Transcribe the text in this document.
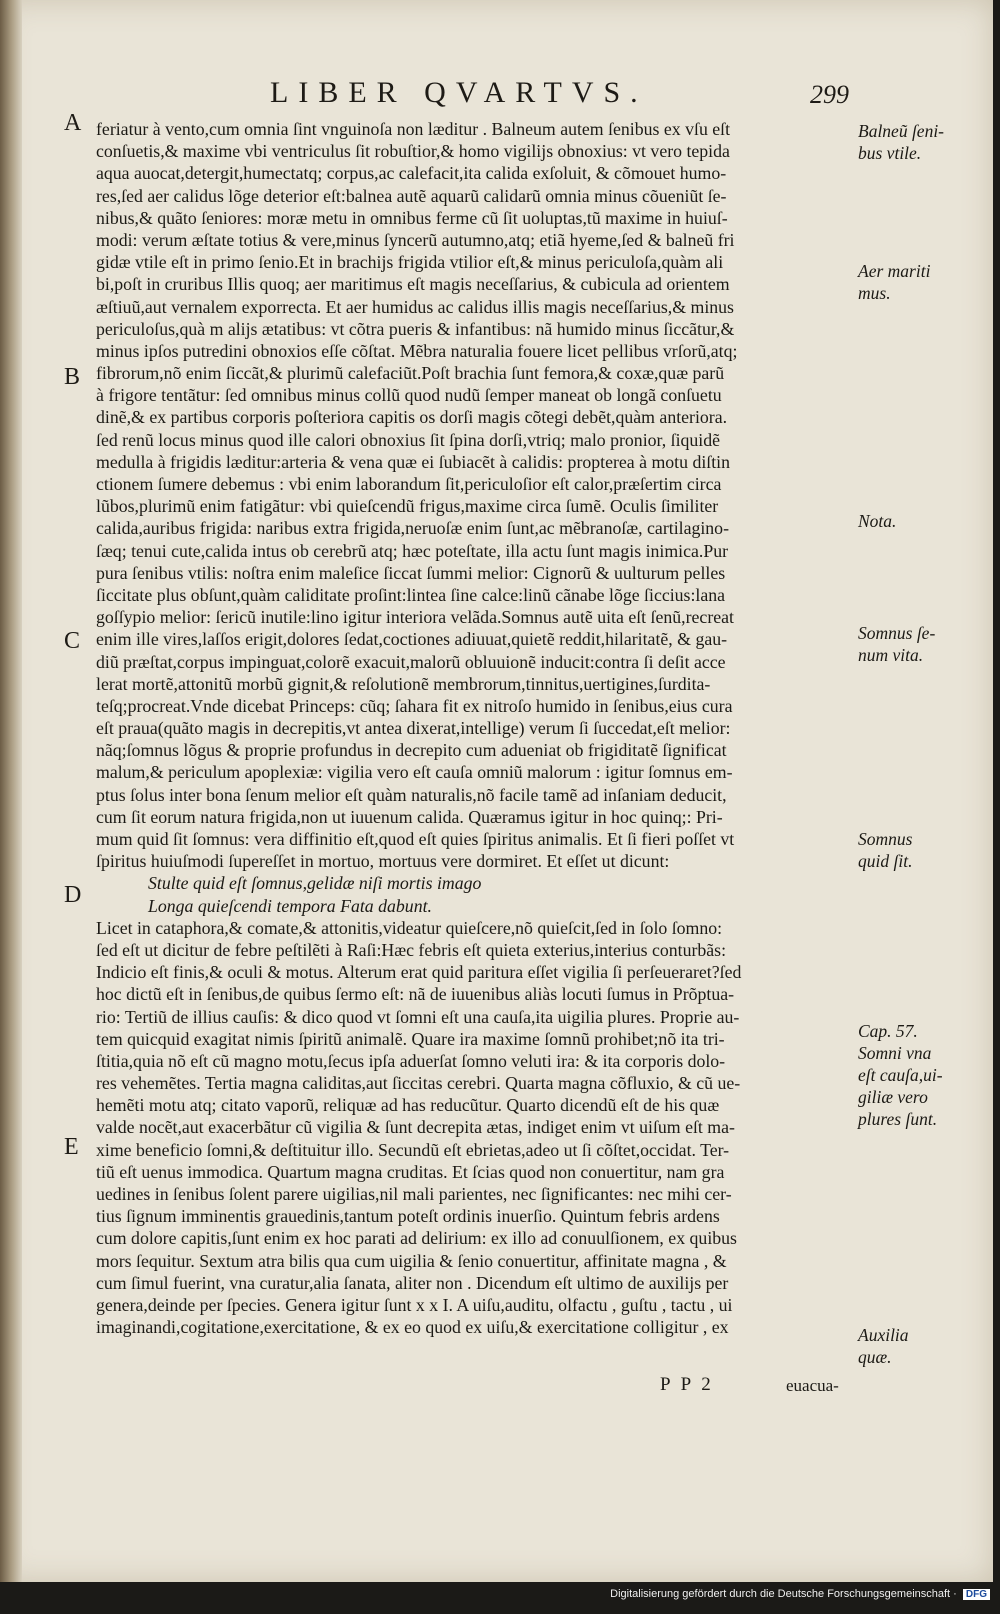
LIBER QVARTVS.	299
A
B
C
D
E

feriatur à vento,cum omnia ſint vnguinoſa non læditur . Balneum autem ſenibus ex vſu eſt

conſuetis,& maxime vbi ventriculus ſit robuſtior,& homo vigilijs obnoxius: vt vero tepida

aqua auocat,detergit,humectatq; corpus,ac calefacit,ita calida exſoluit, & cõmouet humo-

res,ſed aer calidus lõge deterior eſt:balnea autẽ aquarũ calidarũ omnia minus cõueniũt ſe-

nibus,& quãto ſeniores: moræ metu in omnibus ferme cũ ſit uoluptas,tũ maxime in huiuſ-

modi: verum æſtate totius & vere,minus ſyncerũ autumno,atq; etiã hyeme,ſed & balneũ fri

gidæ vtile eſt in primo ſenio.Et in brachijs frigida vtilior eſt,& minus periculoſa,quàm ali

bi,poſt in cruribus Illis quoq; aer maritimus eſt magis neceſſarius, & cubicula ad orientem

æſtiuũ,aut vernalem exporrecta. Et aer humidus ac calidus illis magis neceſſarius,& minus

periculoſus,quà m alijs ætatibus: vt cõtra pueris & infantibus: nã humido minus ſiccãtur,&

minus ipſos putredini obnoxios eſſe cõſtat. Mẽbra naturalia fouere licet pellibus vrſorũ,atq;

fibrorum,nõ enim ſiccãt,& plurimũ calefaciũt.Poſt brachia ſunt femora,& coxæ,quæ parũ

à frigore tentãtur: ſed omnibus minus collũ quod nudũ ſemper maneat ob longã conſuetu

dinẽ,& ex partibus corporis poſteriora capitis os dorſi magis cõtegi debẽt,quàm anteriora.

ſed renũ locus minus quod ille calori obnoxius ſit ſpina dorſi,vtriq; malo pronior, ſiquidẽ

medulla à frigidis læditur:arteria & vena quæ ei ſubiacẽt à calidis: propterea à motu diſtin

ctionem ſumere debemus : vbi enim laborandum ſit,periculoſior eſt calor,præſertim circa

lũbos,plurimũ enim fatigãtur: vbi quieſcendũ frigus,maxime circa ſumẽ. Oculis ſimiliter

calida,auribus frigida: naribus extra frigida,neruoſæ enim ſunt,ac mẽbranoſæ, cartilagino-

ſæq; tenui cute,calida intus ob cerebrũ atq; hæc poteſtate, illa actu ſunt magis inimica.Pur

pura ſenibus vtilis: noſtra enim maleſice ſiccat ſummi melior: Cignorũ & uulturum pelles

ſiccitate plus obſunt,quàm caliditate proſint:lintea ſine calce:linũ cãnabe lõge ſiccius:lana

goſſypio melior: ſericũ inutile:lino igitur interiora velãda.Somnus autẽ uita eſt ſenũ,recreat

enim ille vires,laſſos erigit,dolores ſedat,coctiones adiuuat,quietẽ reddit,hilaritatẽ, & gau-

diũ præſtat,corpus impinguat,colorẽ exacuit,malorũ obluuionẽ inducit:contra ſi deſit acce

lerat mortẽ,attonitũ morbũ gignit,& reſolutionẽ membrorum,tinnitus,uertigines,ſurdita-

teſq;procreat.Vnde dicebat Princeps: cũq; ſahara fit ex nitroſo humido in ſenibus,eius cura

eſt praua(quãto magis in decrepitis,vt antea dixerat,intellige) verum ſi ſuccedat,eſt melior:

nãq;ſomnus lõgus & proprie profundus in decrepito cum adueniat ob frigiditatẽ ſignificat

malum,& periculum apoplexiæ: vigilia vero eſt cauſa omniũ malorum : igitur ſomnus em-

ptus ſolus inter bona ſenum melior eſt quàm naturalis,nõ facile tamẽ ad inſaniam deducit,

cum ſit eorum natura frigida,non ut iuuenum calida. Quæramus igitur in hoc quinq;: Pri-

mum quid ſit ſomnus: vera diffinitio eſt,quod eſt quies ſpiritus animalis. Et ſi fieri poſſet vt

ſpiritus huiuſmodi ſupereſſet in mortuo, mortuus vere dormiret. Et eſſet ut dicunt:

Stulte quid eſt ſomnus,gelidæ niſi mortis imago

Longa quieſcendi tempora Fata dabunt.

Licet in cataphora,& comate,& attonitis,videatur quieſcere,nõ quieſcit,ſed in ſolo ſomno:

ſed eſt ut dicitur de febre peſtilẽti à Raſi:Hæc febris eſt quieta exterius,interius conturbãs:

Indicio eſt finis,& oculi & motus. Alterum erat quid paritura eſſet vigilia ſi perſeueraret?ſed

hoc dictũ eſt in ſenibus,de quibus ſermo eſt: nã de iuuenibus aliàs locuti ſumus in Prõptua-

rio: Tertiũ de illius cauſis: & dico quod vt ſomni eſt una cauſa,ita uigilia plures. Proprie au-

tem quicquid exagitat nimis ſpiritũ animalẽ. Quare ira maxime ſomnũ prohibet;nõ ita tri-

ſtitia,quia nõ eſt cũ magno motu,ſecus ipſa aduerſat ſomno veluti ira: & ita corporis dolo-

res vehemẽtes. Tertia magna caliditas,aut ſiccitas cerebri. Quarta magna cõfluxio, & cũ ue-

hemẽti motu atq; citato vaporũ, reliquæ ad has reducũtur. Quarto dicendũ eſt de his quæ

valde nocẽt,aut exacerbãtur cũ vigilia & ſunt decrepita ætas, indiget enim vt uiſum eſt ma-

xime beneficio ſomni,& deſtituitur illo. Secundũ eſt ebrietas,adeo ut ſi cõſtet,occidat. Ter-

tiũ eſt uenus immodica. Quartum magna cruditas. Et ſcias quod non conuertitur, nam gra

uedines in ſenibus ſolent parere uigilias,nil mali parientes, nec ſignificantes: nec mihi cer-

tius ſignum imminentis grauedinis,tantum poteſt ordinis inuerſio. Quintum febris ardens

cum dolore capitis,ſunt enim ex hoc parati ad delirium: ex illo ad conuulſionem, ex quibus

mors ſequitur. Sextum atra bilis qua cum uigilia & ſenio conuertitur, affinitate magna , &

cum ſimul fuerint, vna curatur,alia ſanata, aliter non . Dicendum eſt ultimo de auxilijs per

genera,deinde per ſpecies. Genera igitur ſunt x x I. A uiſu,auditu, olfactu , guſtu , tactu , ui

imaginandi,cogitatione,exercitatione, & ex eo quod ex uiſu,& exercitatione colligitur , ex

Balneũ ſeni-
bus vtile.
Aer mariti
mus.
Nota.
Somnus ſe-
num vita.
Somnus
quid ſit.
Cap. 57.
Somni vna
eſt cauſa,ui-
giliæ vero
plures ſunt.
Auxilia
quæ.
P P 2	euacua-
Digitalisierung gefördert durch die Deutsche Forschungsgemeinschaft · DFG
